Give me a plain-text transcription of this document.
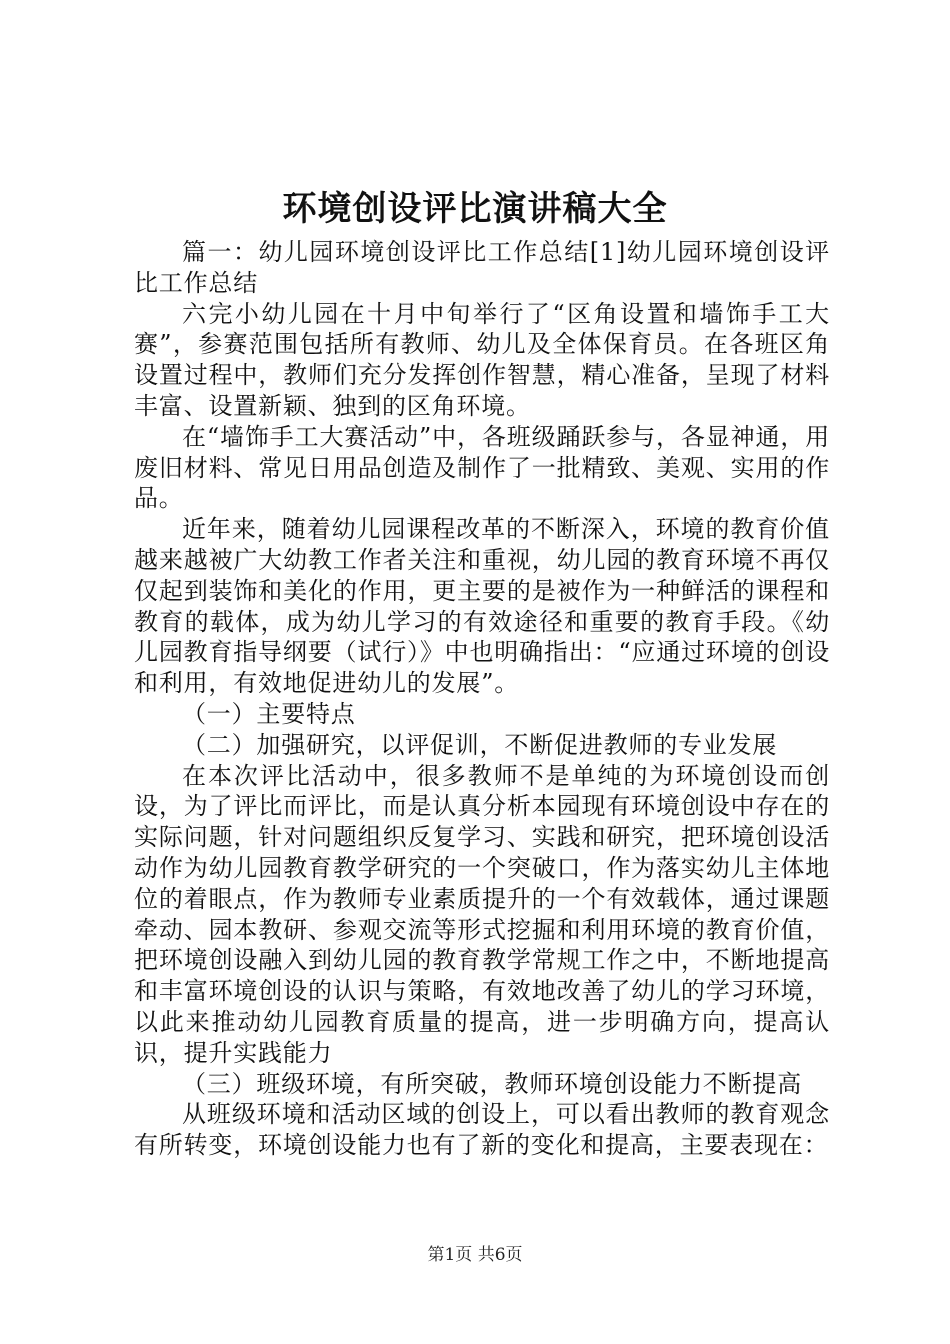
环境创设评比演讲稿大全

篇一：幼儿园环境创设评比工作总结[1]幼儿园环境创设评比工作总结

六完小幼儿园在十月中旬举行了“区角设置和墙饰手工大赛”，参赛范围包括所有教师、幼儿及全体保育员。在各班区角设置过程中，教师们充分发挥创作智慧，精心准备，呈现了材料丰富、设置新颖、独到的区角环境。

在“墙饰手工大赛活动”中，各班级踊跃参与，各显神通，用废旧材料、常见日用品创造及制作了一批精致、美观、实用的作品。

近年来，随着幼儿园课程改革的不断深入，环境的教育价值越来越被广大幼教工作者关注和重视，幼儿园的教育环境不再仅仅起到装饰和美化的作用，更主要的是被作为一种鲜活的课程和教育的载体，成为幼儿学习的有效途径和重要的教育手段。《幼儿园教育指导纲要（试行）》中也明确指出：“应通过环境的创设和利用，有效地促进幼儿的发展”。

（一）主要特点

（二）加强研究，以评促训，不断促进教师的专业发展

在本次评比活动中，很多教师不是单纯的为环境创设而创设，为了评比而评比，而是认真分析本园现有环境创设中存在的实际问题，针对问题组织反复学习、实践和研究，把环境创设活动作为幼儿园教育教学研究的一个突破口，作为落实幼儿主体地位的着眼点，作为教师专业素质提升的一个有效载体，通过课题牵动、园本教研、参观交流等形式挖掘和利用环境的教育价值，把环境创设融入到幼儿园的教育教学常规工作之中，不断地提高和丰富环境创设的认识与策略，有效地改善了幼儿的学习环境，以此来推动幼儿园教育质量的提高，进一步明确方向，提高认识，提升实践能力

（三）班级环境，有所突破，教师环境创设能力不断提高

从班级环境和活动区域的创设上，可以看出教师的教育观念有所转变，环境创设能力也有了新的变化和提高，主要表现在：

第1页 共6页
